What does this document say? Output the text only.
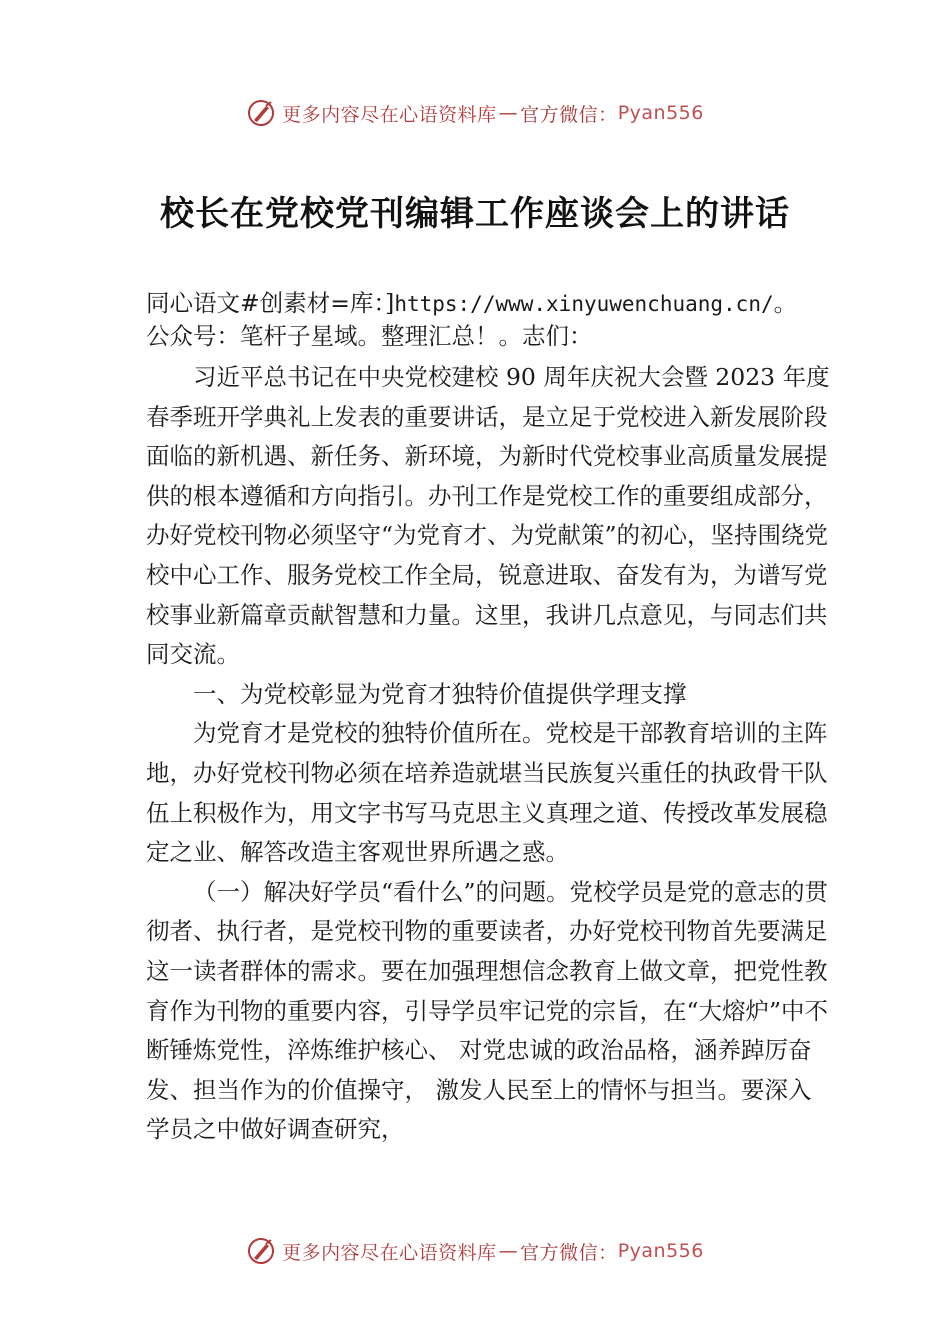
更多内容尽在心语资料库 — 官方微信： Pyan556
校长在党校党刊编辑工作座谈会上的讲话

同心语文#创素材=库：]https://www.xinyuwenchuang.cn/。
公众号：笔杆子星域。整理汇总！。志们：

习近平总书记在中央党校建校 90 周年庆祝大会暨 2023 年度春季班开学典礼上发表的重要讲话，是立足于党校进入新发展阶段面临的新机遇、新任务、新环境，为新时代党校事业高质量发展提供的根本遵循和方向指引。办刊工作是党校工作的重要组成部分，办好党校刊物必须坚守“为党育才、为党献策”的初心，坚持围绕党校中心工作、服务党校工作全局，锐意进取、奋发有为，为谱写党校事业新篇章贡献智慧和力量。这里，我讲几点意见，与同志们共同交流。

一、为党校彰显为党育才独特价值提供学理支撑

为党育才是党校的独特价值所在。党校是干部教育培训的主阵地，办好党校刊物必须在培养造就堪当民族复兴重任的执政骨干队伍上积极作为，用文字书写马克思主义真理之道、传授改革发展稳定之业、解答改造主客观世界所遇之惑。

（一）解决好学员“看什么”的问题。党校学员是党的意志的贯彻者、执行者，是党校刊物的重要读者，办好党校刊物首先要满足这一读者群体的需求。要在加强理想信念教育上做文章，把党性教育作为刊物的重要内容，引导学员牢记党的宗旨，在“大熔炉”中不断锤炼党性，淬炼维护核心、 对党忠诚的政治品格，涵养踔厉奋发、担当作为的价值操守， 激发人民至上的情怀与担当。要深入学员之中做好调查研究，

更多内容尽在心语资料库 — 官方微信： Pyan556
